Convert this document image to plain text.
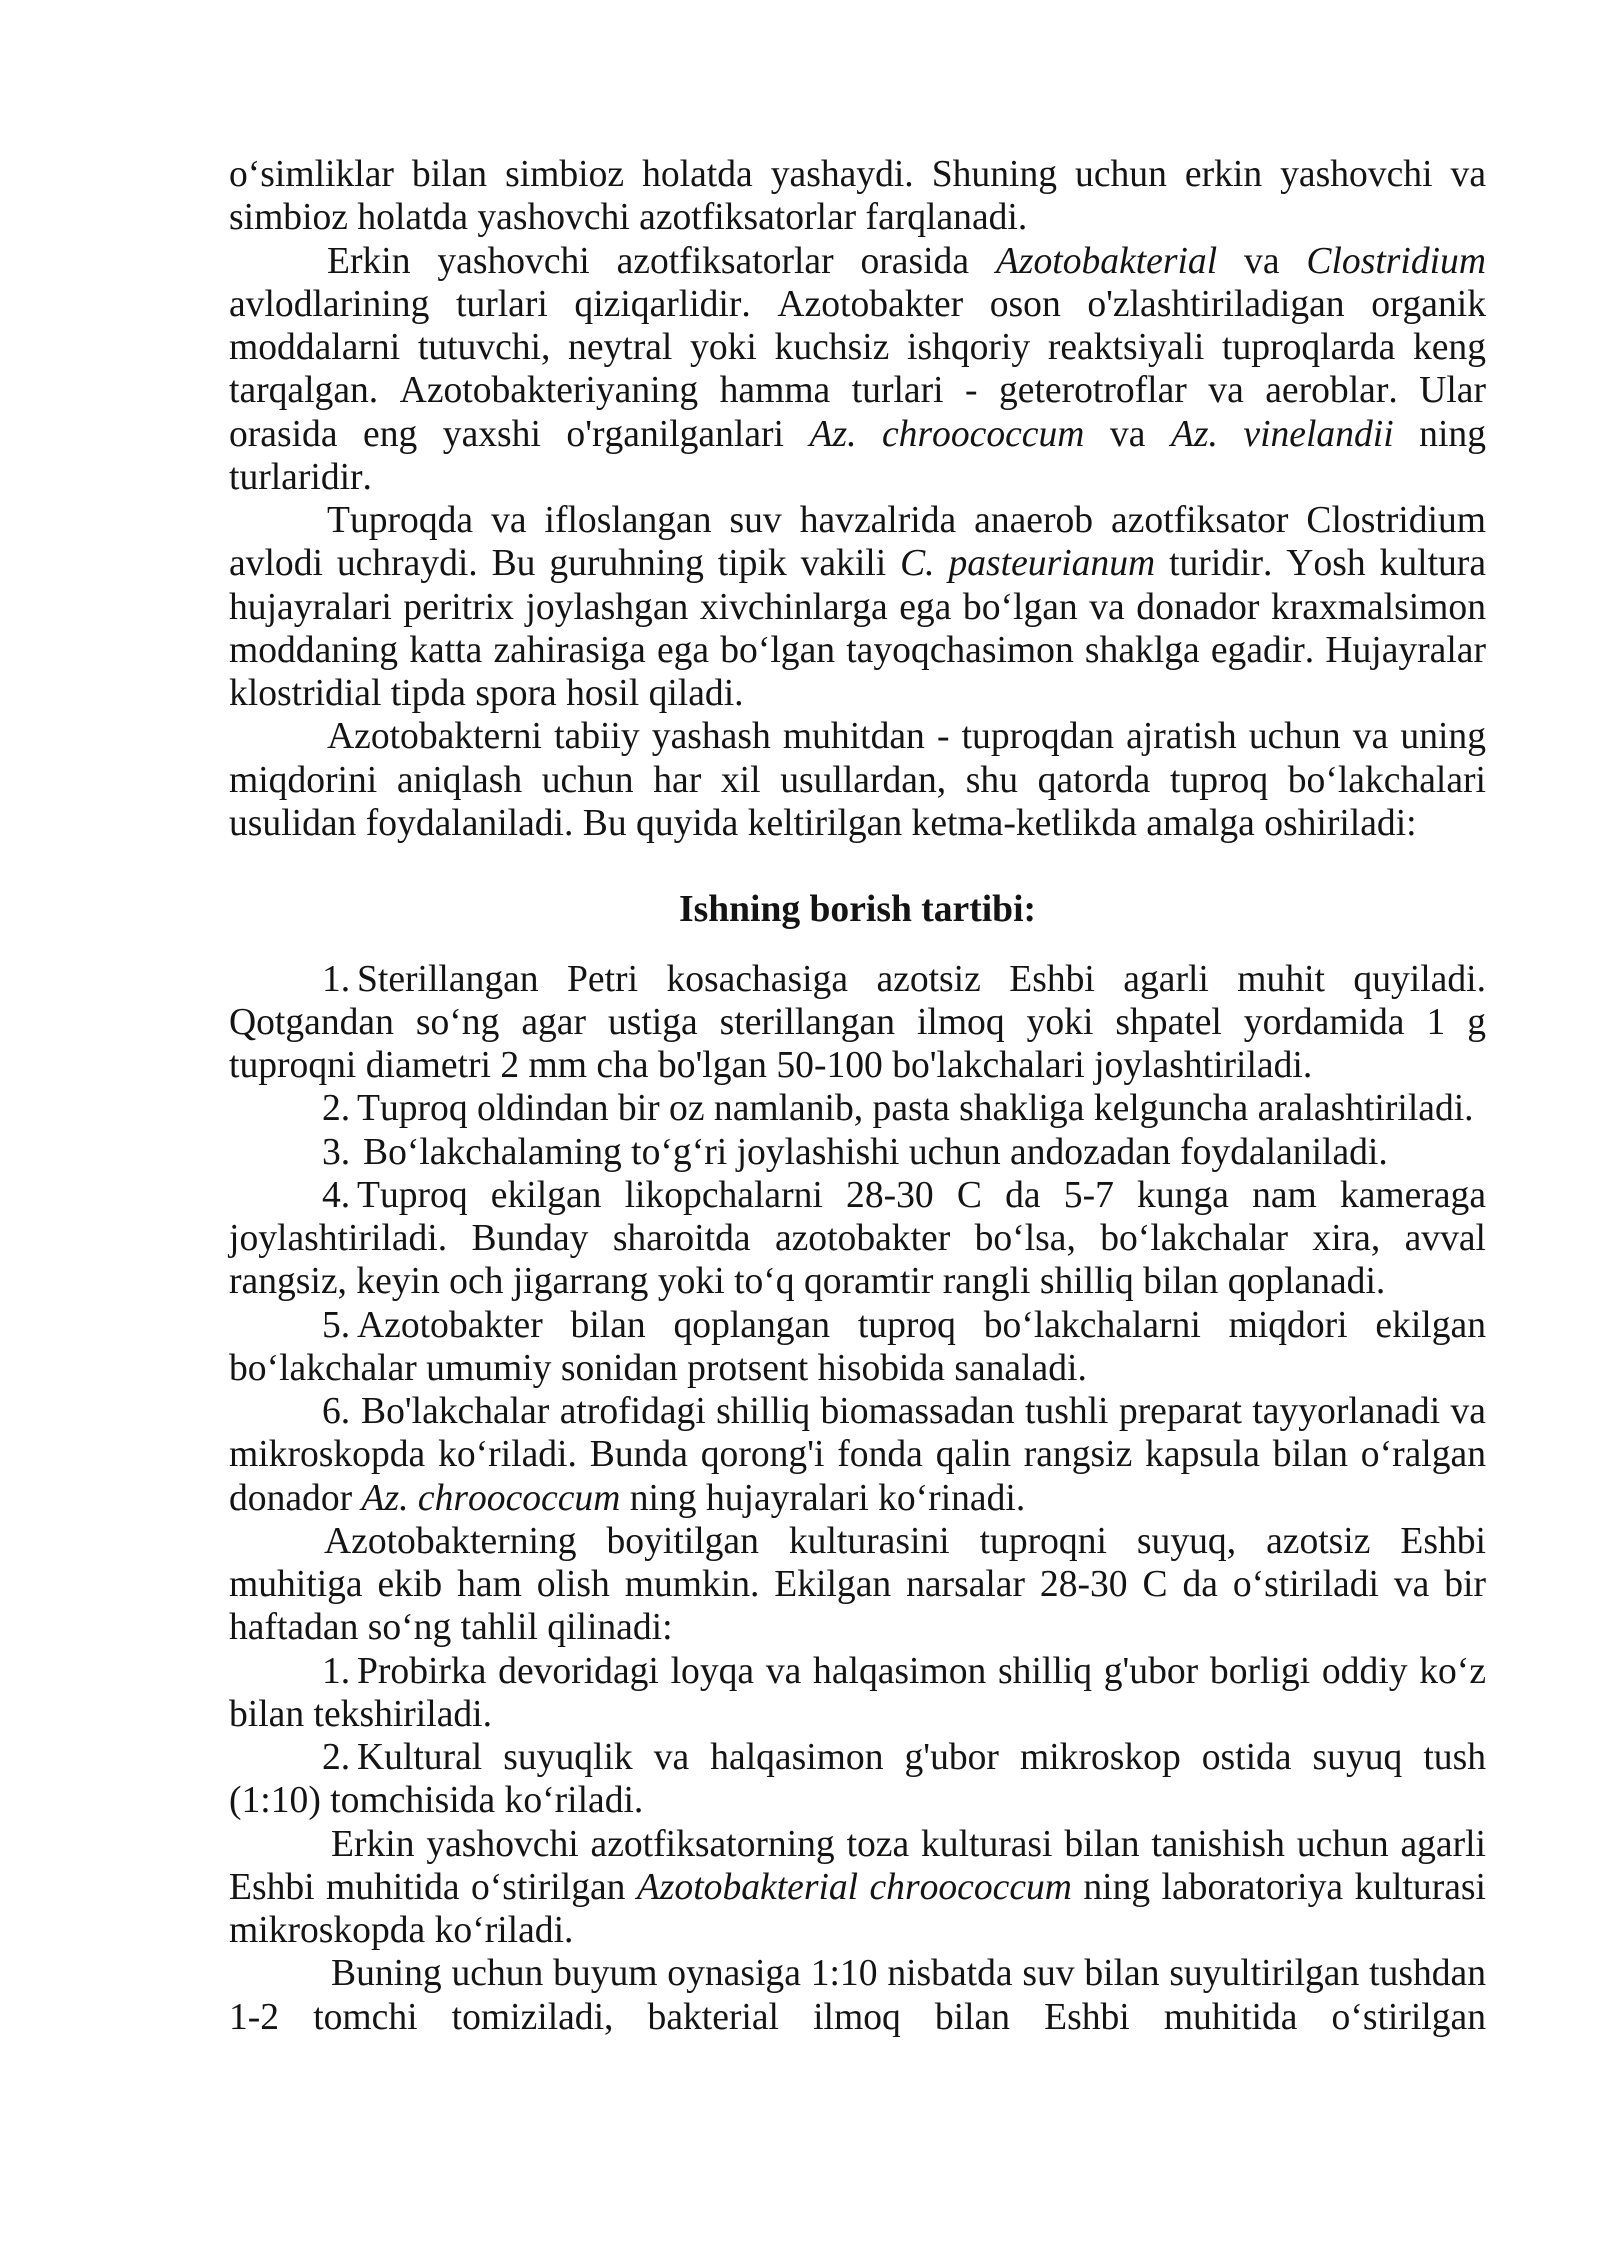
o‘simliklar bilan simbioz holatda yashaydi. Shuning uchun erkin yashovchi va simbioz holatda yashovchi azotfiksatorlar farqlanadi.

Erkin yashovchi azotfiksatorlar orasida Azotobakterial va Clostridium avlodlarining turlari qiziqarlidir. Azotobakter oson o'zlashtiriladigan organik moddalarni tutuvchi, neytral yoki kuchsiz ishqoriy reaktsiyali tuproqlarda keng tarqalgan. Azotobakteriyaning hamma turlari - geterotroflar va aeroblar. Ular orasida eng yaxshi o'rganilganlari Az. chroococcum va Az. vinelandii ning turlaridir.

Tuproqda va ifloslangan suv havzalrida anaerob azotfiksator Clostridium avlodi uchraydi. Bu guruhning tipik vakili C. pasteurianum turidir. Yosh kultura hujayralari peritrix joylashgan xivchinlarga ega bo‘lgan va donador kraxmalsimon moddaning katta zahirasiga ega bo‘lgan tayoqchasimon shaklga egadir. Hujayralar klostridial tipda spora hosil qiladi.

Azotobakterni tabiiy yashash muhitdan - tuproqdan ajratish uchun va uning miqdorini aniqlash uchun har xil usullardan, shu qatorda tuproq bo‘lakchalari usulidan foydalaniladi. Bu quyida keltirilgan ketma-ketlikda amalga oshiriladi:

Ishning borish tartibi:

1. Sterillangan Petri kosachasiga azotsiz Eshbi agarli muhit quyiladi. Qotgandan so‘ng agar ustiga sterillangan ilmoq yoki shpatel yordamida 1 g tuproqni diametri 2 mm cha bo'lgan 50-100 bo'lakchalari joylashtiriladi.

2. Tuproq oldindan bir oz namlanib, pasta shakliga kelguncha aralashtiriladi.

3. Bo‘lakchalaming to‘g‘ri joylashishi uchun andozadan foydalaniladi.

4. Tuproq ekilgan likopchalarni 28-30 C da 5-7 kunga nam kameraga joylashtiriladi. Bunday sharoitda azotobakter bo‘lsa, bo‘lakchalar xira, avval rangsiz, keyin och jigarrang yoki to‘q qoramtir rangli shilliq bilan qoplanadi.

5. Azotobakter bilan qoplangan tuproq bo‘lakchalarni miqdori ekilgan bo‘lakchalar umumiy sonidan protsent hisobida sanaladi.

6. Bo'lakchalar atrofidagi shilliq biomassadan tushli preparat tayyorlanadi va mikroskopda ko‘riladi. Bunda qorong'i fonda qalin rangsiz kapsula bilan o‘ralgan donador Az. chroococcum ning hujayralari ko‘rinadi.

Azotobakterning boyitilgan kulturasini tuproqni suyuq, azotsiz Eshbi muhitiga ekib ham olish mumkin. Ekilgan narsalar 28-30 C da o‘stiriladi va bir haftadan so‘ng tahlil qilinadi:

1. Probirka devoridagi loyqa va halqasimon shilliq g'ubor borligi oddiy ko‘z bilan tekshiriladi.

2. Kultural suyuqlik va halqasimon g'ubor mikroskop ostida suyuq tush (1:10) tomchisida ko‘riladi.

Erkin yashovchi azotfiksatorning toza kulturasi bilan tanishish uchun agarli Eshbi muhitida o‘stirilgan Azotobakterial chroococcum ning laboratoriya kulturasi mikroskopda ko‘riladi.

Buning uchun buyum oynasiga 1:10 nisbatda suv bilan suyultirilgan tushdan 1-2 tomchi tomiziladi, bakterial ilmoq bilan Eshbi muhitida o‘stirilgan
